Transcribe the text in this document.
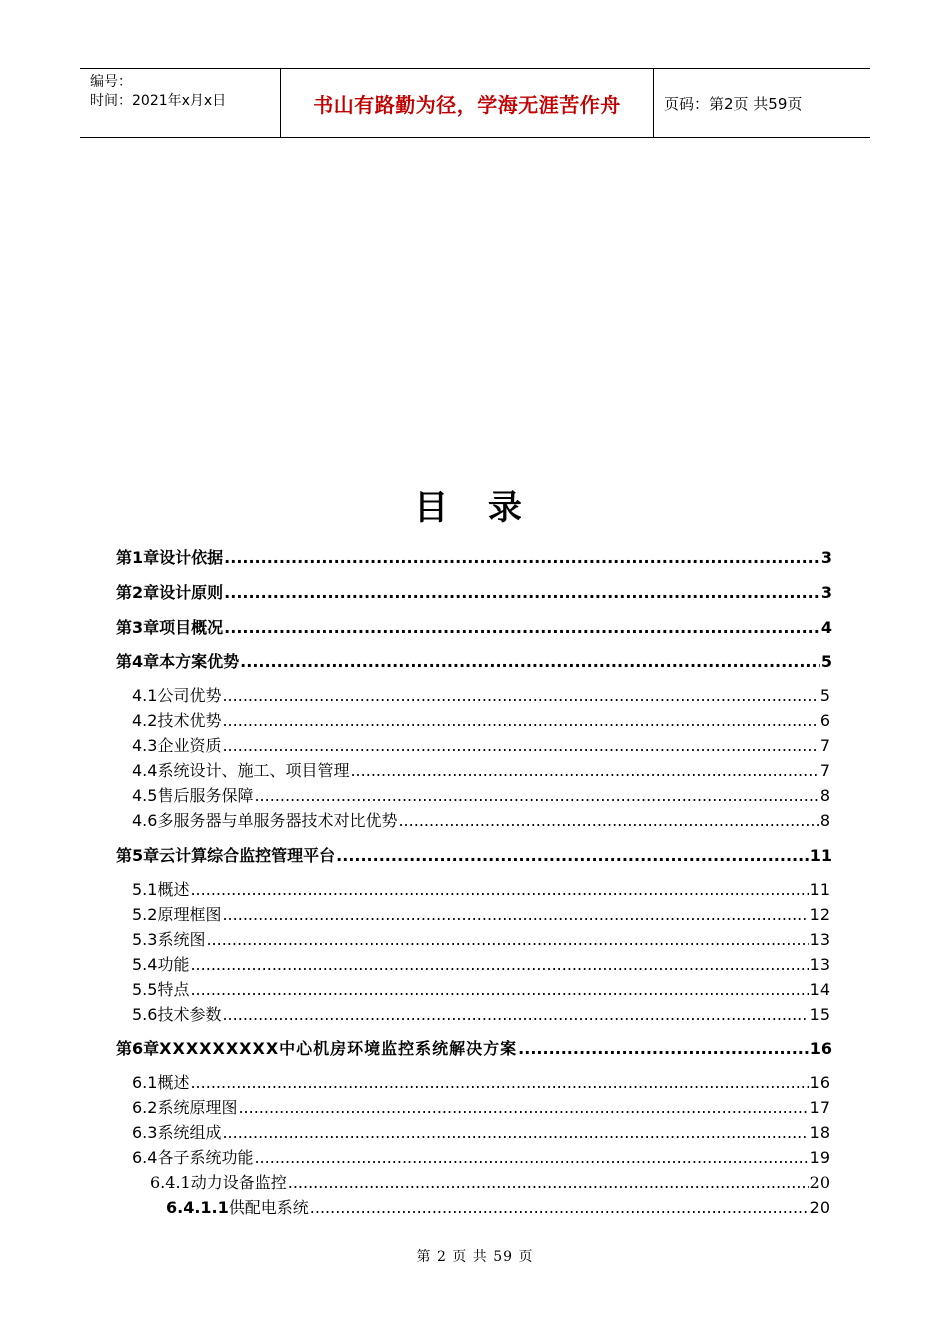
编号：
时间：2021年x月x日	书山有路勤为径，学海无涯苦作舟	页码：第2页 共59页
目 录
第1章 设计依据 .....	3
第2章 设计原则 .....	3
第3章 项目概况 .....	4
第4章 本方案优势 .....	5
4.1 公司优势 .....	5
4.2 技术优势 .....	6
4.3 企业资质 .....	7
4.4 系统设计、施工、项目管理 .....	7
4.5 售后服务保障 .....	8
4.6 多服务器与单服务器技术对比优势 .....	8
第5章 云计算综合监控管理平台 .....	11
5.1 概述 .....	11
5.2 原理框图 .....	12
5.3 系统图 .....	13
5.4 功能 .....	13
5.5 特点 .....	14
5.6 技术参数 .....	15
第6章 XXXXXXXXX中心机房环境监控系统解决方案 .....	16
6.1 概述 .....	16
6.2 系统原理图 .....	17
6.3 系统组成 .....	18
6.4 各子系统功能 .....	19
6.4.1 动力设备监控 .....	20
6.4.1.1 供配电系统 .....	20
第 2 页 共 59 页
